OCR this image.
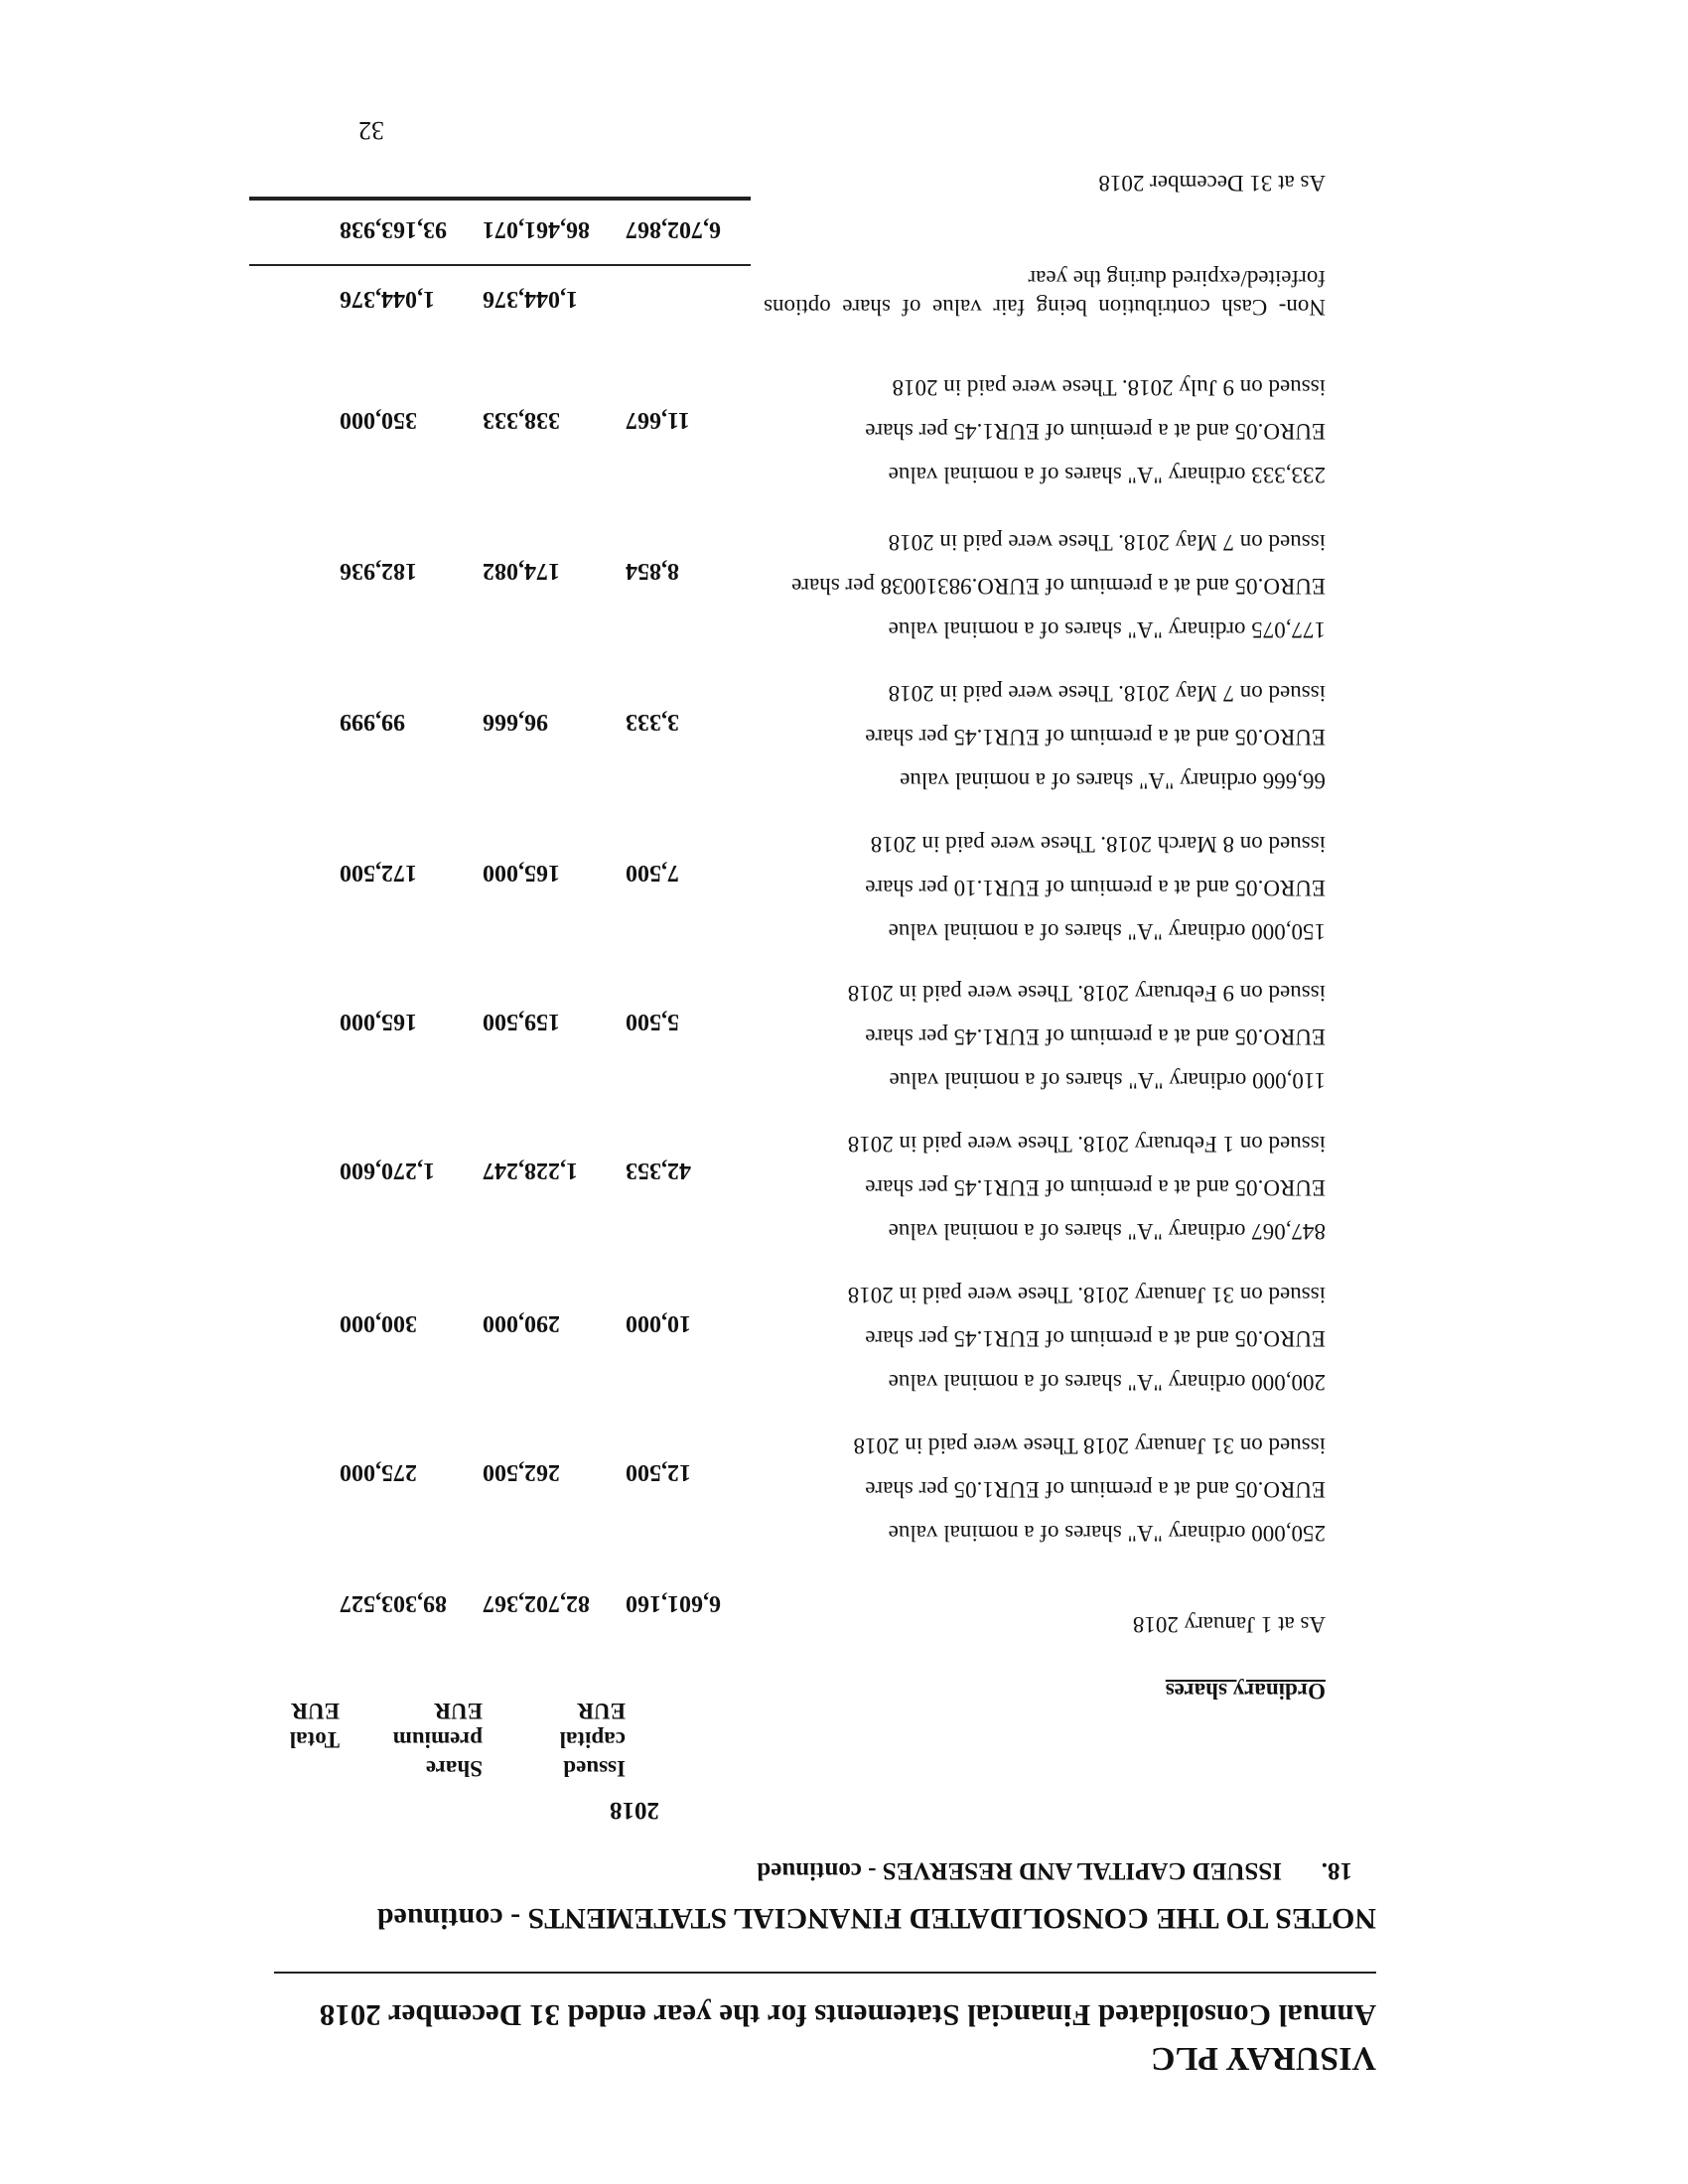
VISURAY PLC
Annual Consolidated Financial Statements for the year ended 31 December 2018
NOTES TO THE CONSOLIDATED FINANCIAL STATEMENTS - continued
18.
ISSUED CAPITAL AND RESERVES - continued
2018
Issued
capital
EUR
Share
premium
EUR
Total
EUR
Ordinary shares
As at 1 January 2018
6,601,160
82,702,367
89,303,527
250,000 ordinary "A" shares of a nominal value
EURO.05 and at a premium of EUR1.05 per share
issued on 31 January 2018 These were paid in 2018
12,500
262,500
275,000
200,000 ordinary "A" shares of a nominal value
EURO.05 and at a premium of EUR1.45 per share
issued on 31 January 2018. These were paid in 2018
10,000
290,000
300,000
847,067 ordinary "A" shares of a nominal value
EURO.05 and at a premium of EUR1.45 per share
issued on 1 February 2018. These were paid in 2018
42,353
1,228,247
1,270,600
110,000 ordinary "A" shares of a nominal value
EURO.05 and at a premium of EUR1.45 per share
issued on 9 February 2018. These were paid in 2018
5,500
159,500
165,000
150,000 ordinary "A" shares of a nominal value
EURO.05 and at a premium of EUR1.10 per share
issued on 8 March 2018. These were paid in 2018
7,500
165,000
172,500
66,666 ordinary "A" shares of a nominal value
EURO.05 and at a premium of EUR1.45 per share
issued on 7 May 2018. These were paid in 2018
3,333
96,666
99,999
177,075 ordinary "A" shares of a nominal value
EURO.05 and at a premium of EURO.98310038 per share
issued on 7 May 2018. These were paid in 2018
8,854
174,082
182,936
233,333 ordinary "A" shares of a nominal value
EURO.05 and at a premium of EUR1.45 per share
issued on 9 July 2018. These were paid in 2018
11,667
338,333
350,000
Non-  Cash  contribution  being  fair  value  of  share  options
forfeited/expired during the year
1,044,376
1,044,376
As at 31 December 2018
6,702,867
86,461,071
93,163,938
32
